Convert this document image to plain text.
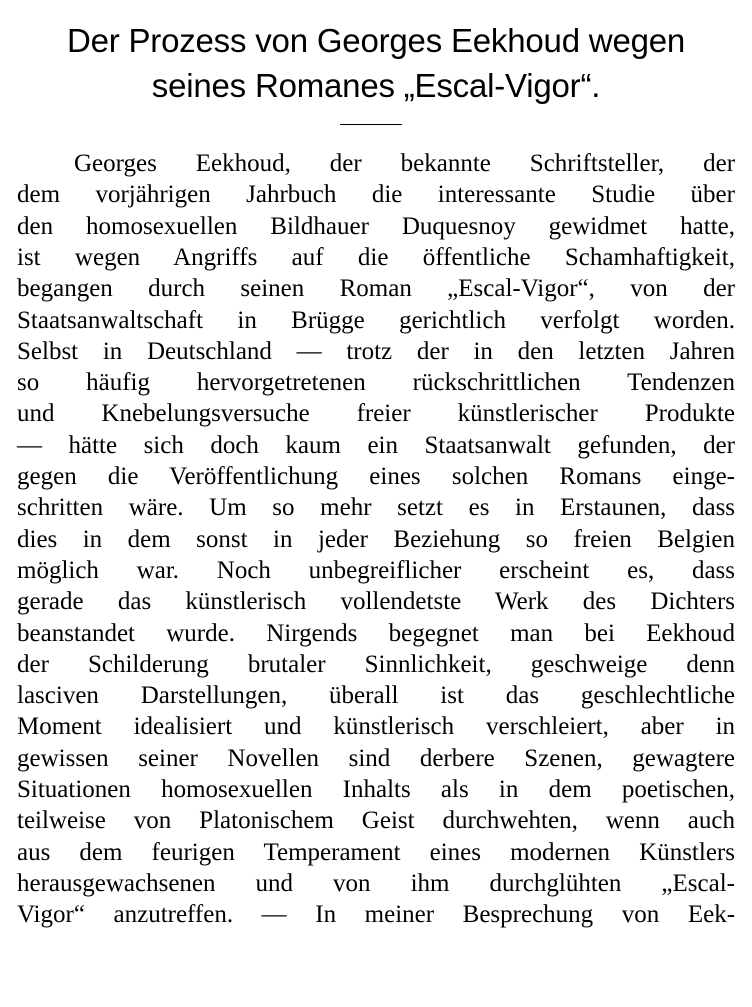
Der Prozess von Georges Eekhoud wegen
seines Romanes „Escal-Vigor“.
Georges Eekhoud, der bekannte Schriftsteller, der
dem vorjährigen Jahrbuch die interessante Studie über
den homosexuellen Bildhauer Duquesnoy gewidmet hatte,
ist wegen Angriffs auf die öffentliche Schamhaftigkeit,
begangen durch seinen Roman „Escal-Vigor“, von der
Staatsanwaltschaft in Brügge gerichtlich verfolgt worden.
Selbst in Deutschland — trotz der in den letzten Jahren
so häufig hervorgetretenen rückschrittlichen Tendenzen
und Knebelungsversuche freier künstlerischer Produkte
— hätte sich doch kaum ein Staatsanwalt gefunden, der
gegen die Veröffentlichung eines solchen Romans einge-
schritten wäre. Um so mehr setzt es in Erstaunen, dass
dies in dem sonst in jeder Beziehung so freien Belgien
möglich war. Noch unbegreiflicher erscheint es, dass
gerade das künstlerisch vollendetste Werk des Dichters
beanstandet wurde. Nirgends begegnet man bei Eekhoud
der Schilderung brutaler Sinnlichkeit, geschweige denn
lasciven Darstellungen, überall ist das geschlechtliche
Moment idealisiert und künstlerisch verschleiert, aber in
gewissen seiner Novellen sind derbere Szenen, gewagtere
Situationen homosexuellen Inhalts als in dem poetischen,
teilweise von Platonischem Geist durchwehten, wenn auch
aus dem feurigen Temperament eines modernen Künstlers
herausgewachsenen und von ihm durchglühten „Escal-
Vigor“ anzutreffen. — In meiner Besprechung von Eek-
